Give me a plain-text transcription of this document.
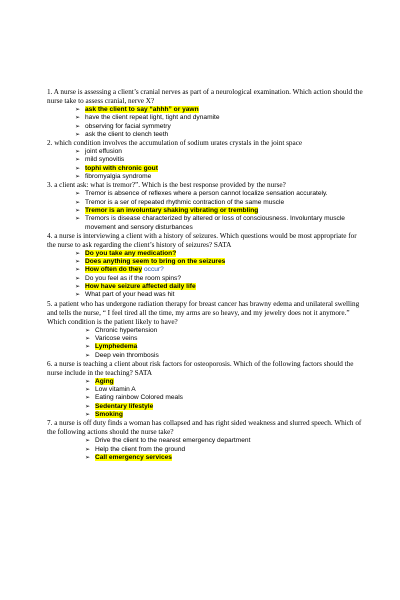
1. A nurse is assessing a client’s cranial nerves as part of a neurological examination. Which action should the nurse take to assess cranial, nerve X?

➢ ask the client to say “ahhh” or yawn
➢ have the client repeat light, tight and dynamite
➢ observing for facial symmetry
➢ ask the client to clench teeth

2. which condition involves the accumulation of sodium urates crystals in the joint space

➢ joint effusion
➢ mild synovitis
➢ tophi with chronic gout
➢ fibromyalgia syndrome

3. a client ask: what is tremor?”. Which is the best response provided by the nurse?

➢ Tremor is absence of reflexes where a person cannot localize sensation accurately.
➢ Tremor is a ser of repeated rhythmic contraction of the same muscle
➢ Tremor is an involuntary shaking vibrating or trembling
➢ Tremors is disease characterized by altered or loss of consciousness. Involuntary muscle movement and sensory disturbances

4. a nurse is interviewing a client with a history of seizures. Which questions would be most appropriate for the nurse to ask regarding the client’s history of seizures? SATA

➢ Do you take any medication?
➢ Does anything seem to bring on the seizures
➢ How often do they occur?
➢ Do you feel as if the room spins?
➢ How have seizure affected daily life
➢ What part of your head was hit

5. a patient who has undergone radiation therapy for breast cancer has brawny edema and unilateral swelling and tells the nurse, “ I feel tired all the time, my arms are so heavy, and my jewelry does not it anymore.” Which condition is the patient likely to have?

➢ Chronic hypertension
➢ Varicose veins
➢ Lymphedema
➢ Deep vein thrombosis

6. a nurse is teaching a client about risk factors for osteoporosis. Which of the following factors should the nurse include in the teaching? SATA

➢ Aging
➢ Low vitamin A
➢ Eating rainbow Colored meals
➢ Sedentary lifestyle
➢ Smoking

7. a nurse is off duty finds a woman has collapsed and has right sided weakness and slurred speech. Which of the following actions should the nurse take?

➢ Drive the client to the nearest emergency department
➢ Help the client from the ground
➢ Call emergency services
